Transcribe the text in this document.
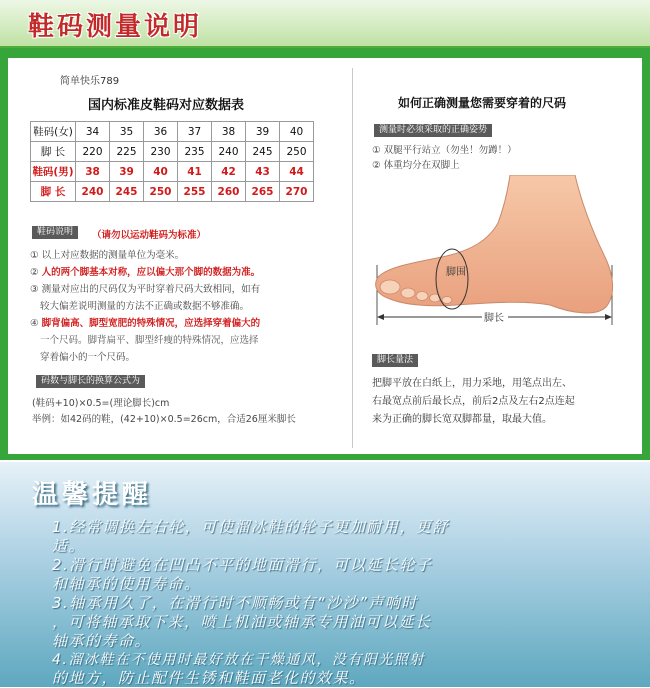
鞋码测量说明
简单快乐789
国内标准皮鞋码对应数据表
鞋码(女)	34	35	36	37	38	39	40
脚 长	220	225	230	235	240	245	250
鞋码(男)	38	39	40	41	42	43	44
脚 长	240	245	250	255	260	265	270
鞋码说明	（请勿以运动鞋码为标准）
① 以上对应数据的测量单位为毫米。
② 人的两个脚基本对称，应以偏大那个脚的数据为准。
③ 测量对应出的尺码仅为平时穿着尺码大致相同，如有
较大偏差说明测量的方法不正确或数据不够准确。
④ 脚背偏高、脚型宽肥的特殊情况，应选择穿着偏大的
一个尺码。脚背扁平、脚型纤瘦的特殊情况，应选择
穿着偏小的一个尺码。
码数与脚长的换算公式为
(鞋码+10)×0.5=(理论脚长)cm
举例：如42码的鞋，(42+10)×0.5=26cm，合适26厘米脚长
如何正确测量您需要穿着的尺码
测量时必须采取的正确姿势
① 双腿平行站立（勿坐！勿蹲！）
② 体重均分在双脚上
脚围
脚长
脚长量法
把脚平放在白纸上，用力采地，用笔点出左、
右最宽点前后最长点，前后2点及左右2点连起
来为正确的脚长宽双脚都量，取最大值。
温馨提醒
1.经常调换左右轮，可使溜冰鞋的轮子更加耐用，更舒
适。
2.滑行时避免在凹凸不平的地面滑行，可以延长轮子
和轴承的使用寿命。
3.轴承用久了，在滑行时不顺畅或有“沙沙”声响时
，可将轴承取下来，喷上机油或轴承专用油可以延长
轴承的寿命。
4.溜冰鞋在不使用时最好放在干燥通风，没有阳光照射
的地方，防止配件生锈和鞋面老化的效果。
